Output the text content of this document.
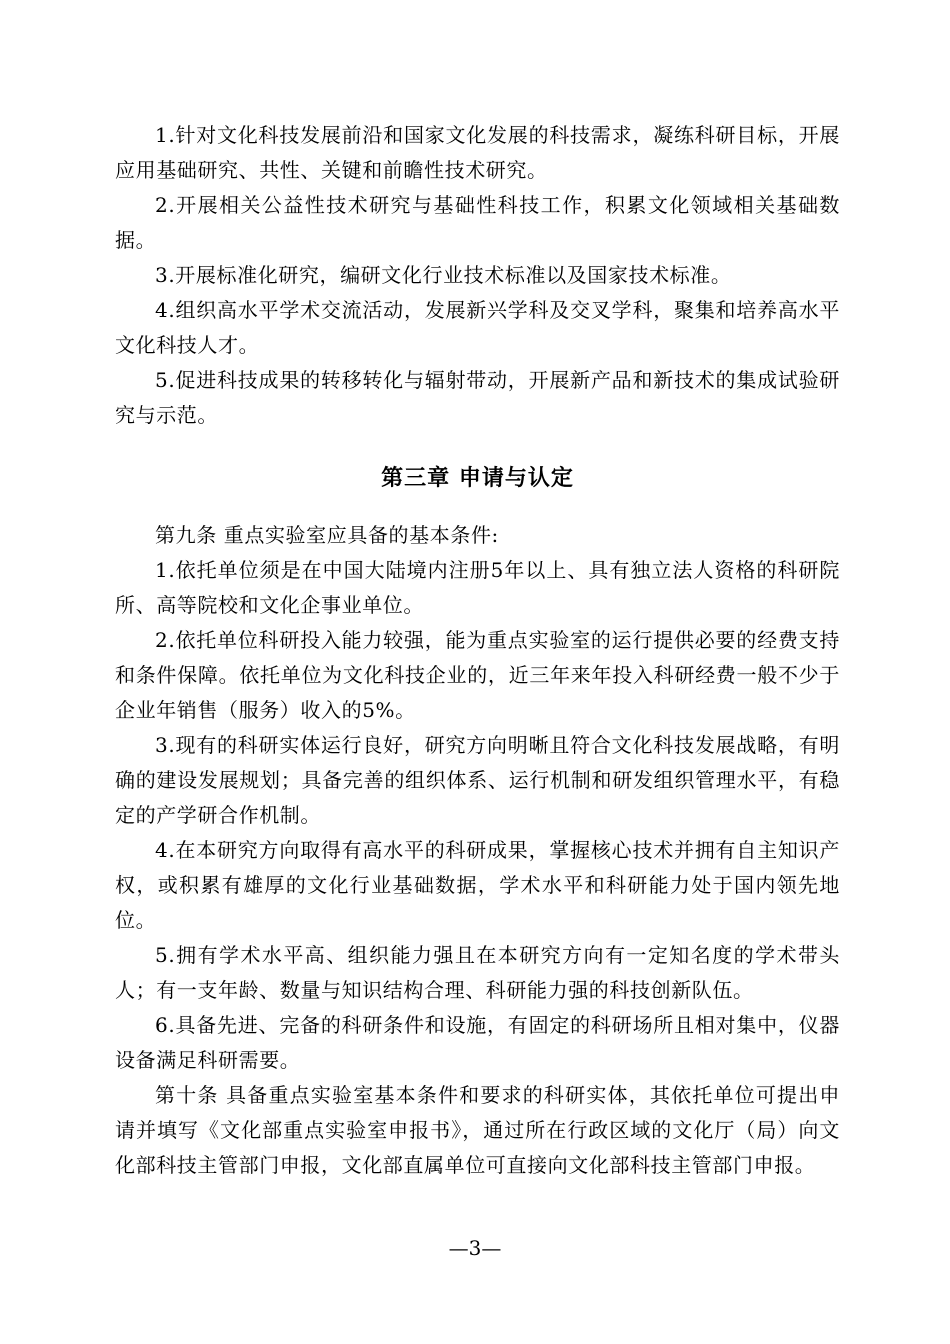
1.针对文化科技发展前沿和国家文化发展的科技需求，凝练科研目标，开展应用基础研究、共性、关键和前瞻性技术研究。

2.开展相关公益性技术研究与基础性科技工作，积累文化领域相关基础数据。

3.开展标准化研究，编研文化行业技术标准以及国家技术标准。

4.组织高水平学术交流活动，发展新兴学科及交叉学科，聚集和培养高水平文化科技人才。

5.促进科技成果的转移转化与辐射带动，开展新产品和新技术的集成试验研究与示范。

第三章 申请与认定

第九条 重点实验室应具备的基本条件:

1.依托单位须是在中国大陆境内注册5年以上、具有独立法人资格的科研院所、高等院校和文化企事业单位。

2.依托单位科研投入能力较强，能为重点实验室的运行提供必要的经费支持和条件保障。依托单位为文化科技企业的，近三年来年投入科研经费一般不少于企业年销售（服务）收入的5%。

3.现有的科研实体运行良好，研究方向明晰且符合文化科技发展战略，有明确的建设发展规划；具备完善的组织体系、运行机制和研发组织管理水平，有稳定的产学研合作机制。

4.在本研究方向取得有高水平的科研成果，掌握核心技术并拥有自主知识产权，或积累有雄厚的文化行业基础数据，学术水平和科研能力处于国内领先地位。

5.拥有学术水平高、组织能力强且在本研究方向有一定知名度的学术带头人；有一支年龄、数量与知识结构合理、科研能力强的科技创新队伍。

6.具备先进、完备的科研条件和设施，有固定的科研场所且相对集中，仪器设备满足科研需要。

第十条 具备重点实验室基本条件和要求的科研实体，其依托单位可提出申请并填写《文化部重点实验室申报书》，通过所在行政区域的文化厅（局）向文化部科技主管部门申报，文化部直属单位可直接向文化部科技主管部门申报。

—3—
